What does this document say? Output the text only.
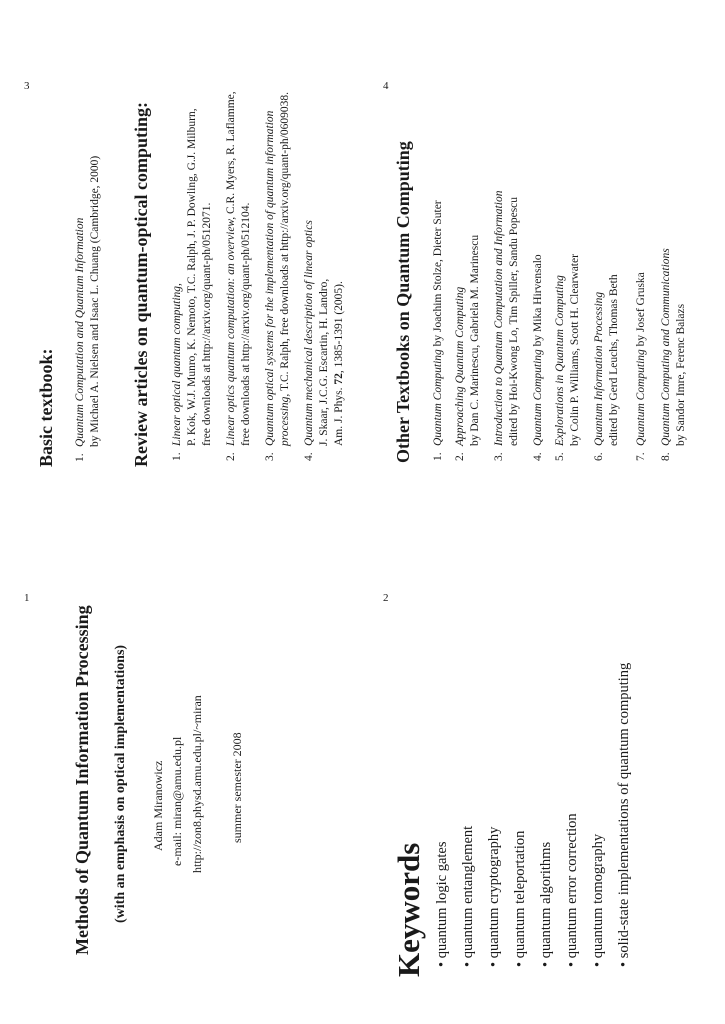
1	2
3	4
Methods of Quantum Information Processing (with an emphasis on optical implementations) Adam Miranowicz e-mail: miran@amu.edu.pl http://zon8.physd.amu.edu.pl/~miran summer semester 2008
Keywords • quantum logic gates
• quantum entanglement
• quantum cryptography
• quantum teleportation
• quantum algorithms
• quantum error correction
• quantum tomography
• solid-state implementations of quantum computing
Basic textbook: 1.Quantum Computation and Quantum Information by Michael A. Nielsen and Isaac L. Chuang (Cambridge, 2000) Review articles on quantum-optical computing: 1.Linear optical quantum computing, P. Kok, W.J. Munro, K. Nemoto, T.C. Ralph, J. P. Dowling, G.J. Milburn, free downloads at http://arxiv.org/quant-ph/0512071.
2.Linear optics quantum computation: an overview, C.R. Myers, R. Laflamme,
free downloads at http://arxiv.org/quant-ph/0512104.
3.Quantum optical systems for the implementation of quantum information processing, T.C. Ralph, free downloads at http://arxiv.org/quant-ph/0609038.
4.Quantum mechanical description of linear optics J. Skaar, J.C.G. Escartin, H. Landro, Am. J. Phys. 72, 1385-1391 (2005).	Other Textbooks on Quantum Computing 1.Quantum Computing by Joachim Stolze, Dieter Suter
2.Approaching Quantum Computing by Dan C. Marinescu, Gabriela M. Marinescu
3.Introduction to Quantum Computation and Information edited by Hoi-Kwong Lo, Tim Spiller, Sandu Popescu
4.Quantum Computing by Mika Hirvensalo
5.Explorations in Quantum Computing by Colin P. Williams, Scott H. Clearwater
6.Quantum Information Processing edited by Gerd Leuchs, Thomas Beth
7.Quantum Computing by Josef Gruska
8.Quantum Computing and Communications by Sandor Imre, Ferenc Balazs
